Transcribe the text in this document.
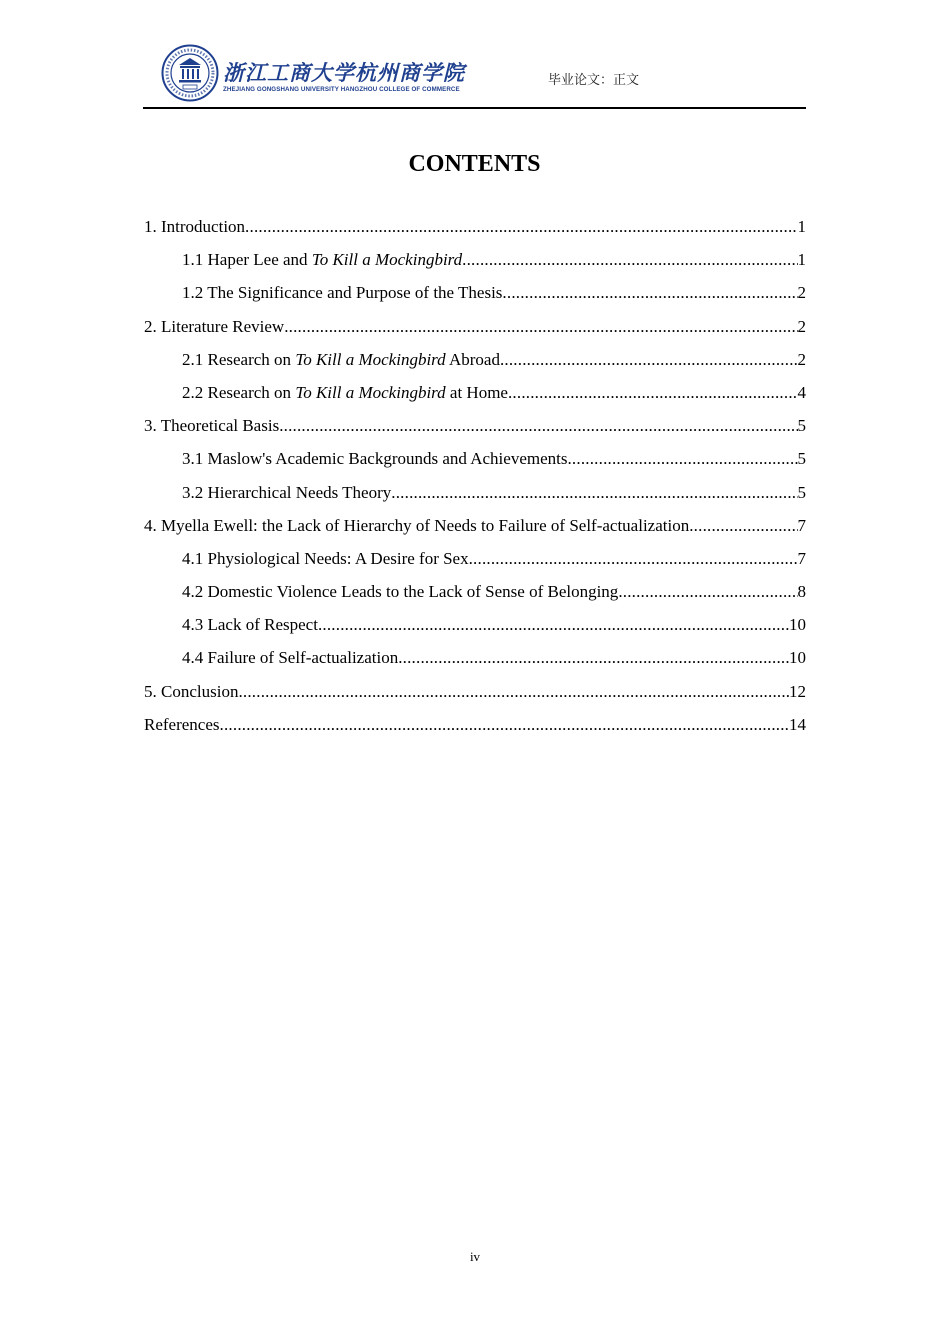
浙江工商大学杭州商学院
ZHEJIANG GONGSHANG UNIVERSITY HANGZHOU COLLEGE OF COMMERCE
毕业论文：正文
CONTENTS
1. Introduction .....	1
1.1 Haper Lee and To Kill a Mockingbird .....	1
1.2 The Significance and Purpose of the Thesis .....	2
2. Literature Review .....	2
2.1 Research on To Kill a Mockingbird Abroad .....	2
2.2 Research on To Kill a Mockingbird at Home .....	4
3. Theoretical Basis .....	5
3.1 Maslow's Academic Backgrounds and Achievements .....	5
3.2 Hierarchical Needs Theory .....	5
4. Myella Ewell: the Lack of Hierarchy of Needs to Failure of Self-actualization .....	7
4.1 Physiological Needs: A Desire for Sex .....	7
4.2 Domestic Violence Leads to the Lack of Sense of Belonging .....	8
4.3 Lack of Respect .....	10
4.4 Failure of Self-actualization .....	10
5. Conclusion .....	12
References .....	14
iv
